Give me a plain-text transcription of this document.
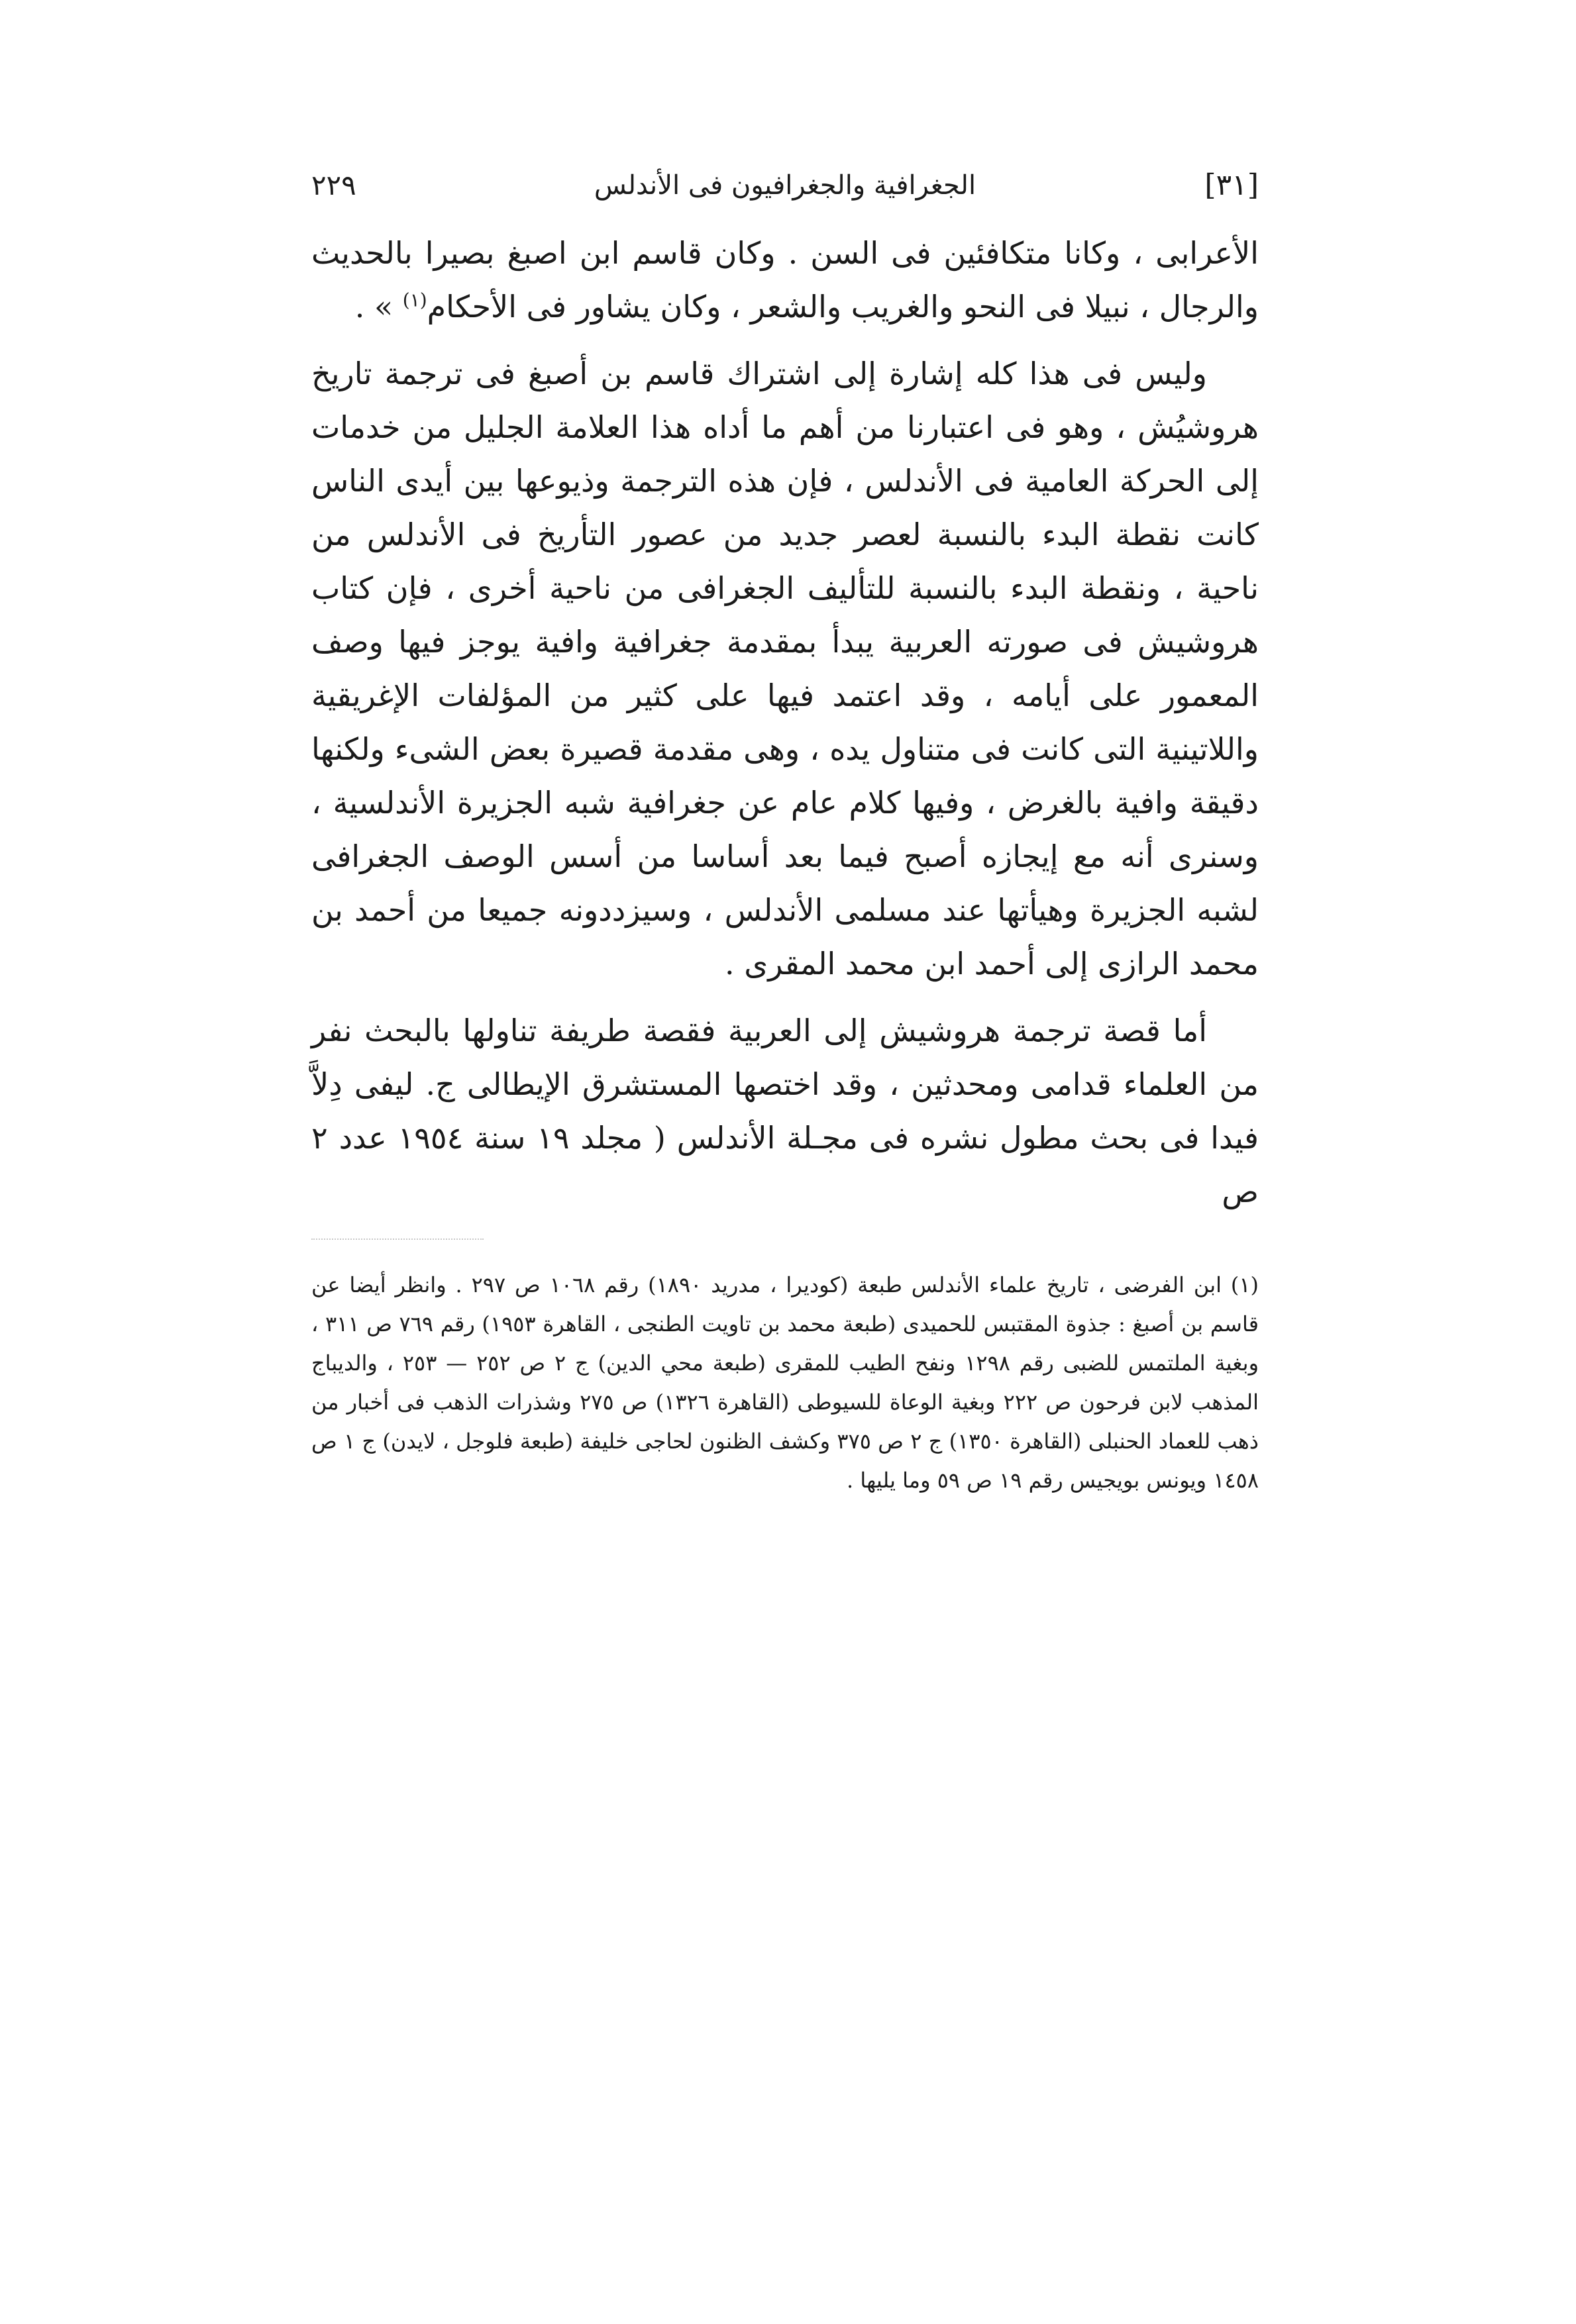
[٣١]
الجغرافية والجغرافيون فى الأندلس
٢٢٩

الأعرابى ، وكانا متكافئين فى السن . وكان قاسم ابن اصبغ بصيرا بالحديث والرجال ، نبيلا فى النحو والغريب والشعر ، وكان يشاور فى الأحكام$^{(١)}$ » .

وليس فى هذا كله إشارة إلى اشتراك قاسم بن أصبغ فى ترجمة تاريخ هروشيُش ، وهو فى اعتبارنا من أهم ما أداه هذا العلامة الجليل من خدمات إلى الحركة العامية فى الأندلس ، فإن هذه الترجمة وذيوعها بين أيدى الناس كانت نقطة البدء بالنسبة لعصر جديد من عصور التأريخ فى الأندلس من ناحية ، ونقطة البدء بالنسبة للتأليف الجغرافى من ناحية أخرى ، فإن كتاب هروشيش فى صورته العربية يبدأ بمقدمة جغرافية وافية يوجز فيها وصف المعمور على أيامه ، وقد اعتمد فيها على كثير من المؤلفات الإغريقية واللاتينية التى كانت فى متناول يده ، وهى مقدمة قصيرة بعض الشىء ولكنها دقيقة وافية بالغرض ، وفيها كلام عام عن جغرافية شبه الجزيرة الأندلسية ، وسنرى أنه مع إيجازه أصبح فيما بعد أساسا من أسس الوصف الجغرافى لشبه الجزيرة وهيأتها عند مسلمى الأندلس ، وسيزددونه جميعا من أحمد بن محمد الرازى إلى أحمد ابن محمد المقرى .

أما قصة ترجمة هروشيش إلى العربية فقصة طريفة تناولها بالبحث نفر من العلماء قدامى ومحدثين ، وقد اختصها المستشرق الإيطالى ج. ليفى دِلاَّ فيدا فى بحث مطول نشره فى مجـلة الأندلس ( مجلد ١٩ سنة ١٩٥٤ عدد ٢ ص

(١) ابن الفرضى ، تاريخ علماء الأندلس طبعة (كوديرا ، مدريد ١٨٩٠) رقم ١٠٦٨ ص ٢٩٧ . وانظر أيضا عن قاسم بن أصبغ : جذوة المقتبس للحميدى (طبعة محمد بن تاويت الطنجى ، القاهرة ١٩٥٣) رقم ٧٦٩ ص ٣١١ ، وبغية الملتمس للضبى رقم ١٢٩٨ ونفح الطيب للمقرى (طبعة محي الدين) ج ٢ ص ٢٥٢ — ٢٥٣ ، والديباج المذهب لابن فرحون ص ٢٢٢ وبغية الوعاة للسيوطى (القاهرة ١٣٢٦) ص ٢٧٥ وشذرات الذهب فى أخبار من ذهب للعماد الحنبلى (القاهرة ١٣٥٠) ج ٢ ص ٣٧٥ وكشف الظنون لحاجى خليفة (طبعة فلوجل ، لايدن) ج ١ ص ١٤٥٨ ويونس بويجيس رقم ١٩ ص ٥٩ وما يليها .
